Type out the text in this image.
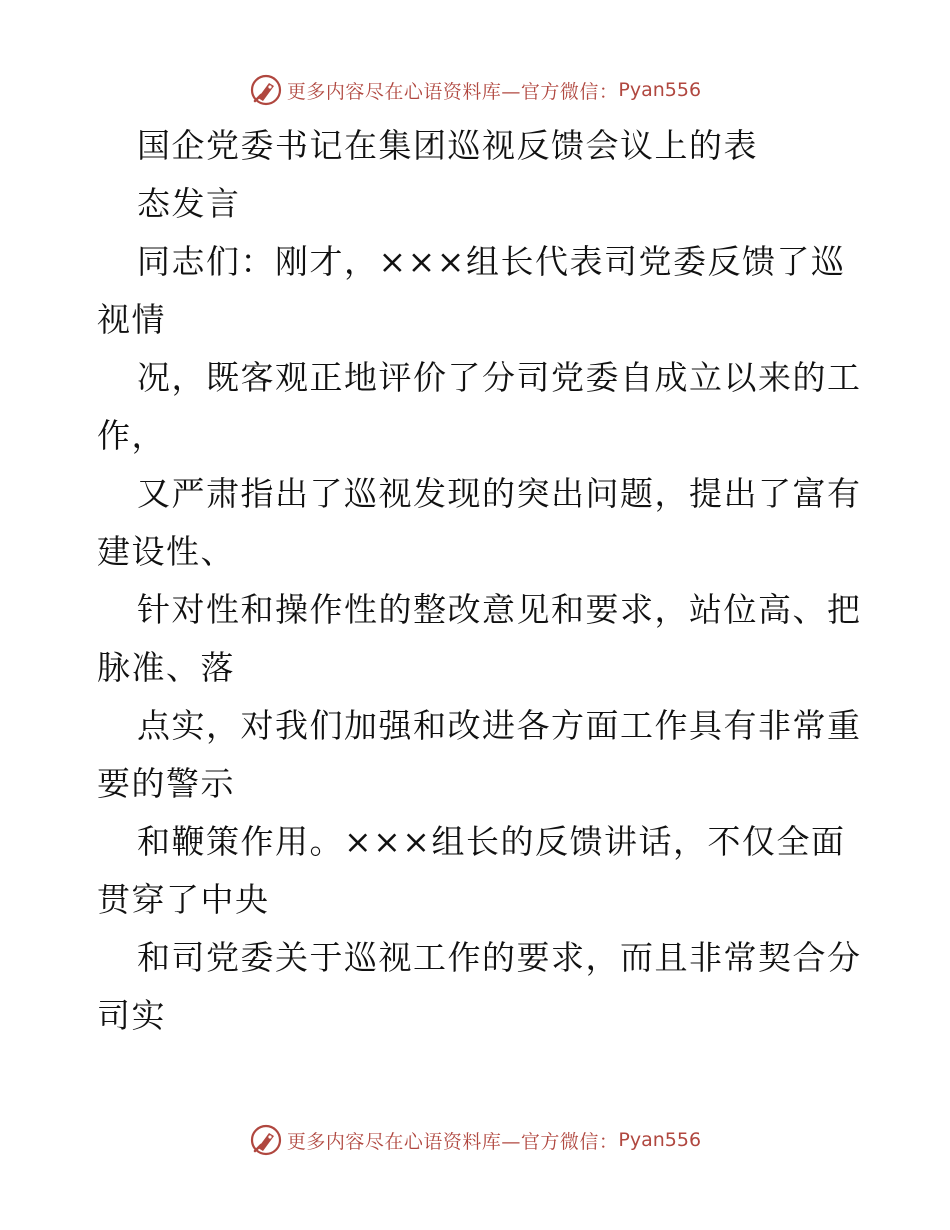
更多内容尽在心语资料库—官方微信： Pyan556
国企党委书记在集团巡视反馈会议上的表
态发言
同志们：刚才，×××组长代表司党委反馈了巡
视情
况，既客观正地评价了分司党委自成立以来的工
作，
又严肃指出了巡视发现的突出问题，提出了富有
建设性、
针对性和操作性的整改意见和要求，站位高、把
脉准、落
点实，对我们加强和改进各方面工作具有非常重
要的警示
和鞭策作用。×××组长的反馈讲话，不仅全面
贯穿了中央
和司党委关于巡视工作的要求，而且非常契合分
司实
更多内容尽在心语资料库—官方微信： Pyan556
